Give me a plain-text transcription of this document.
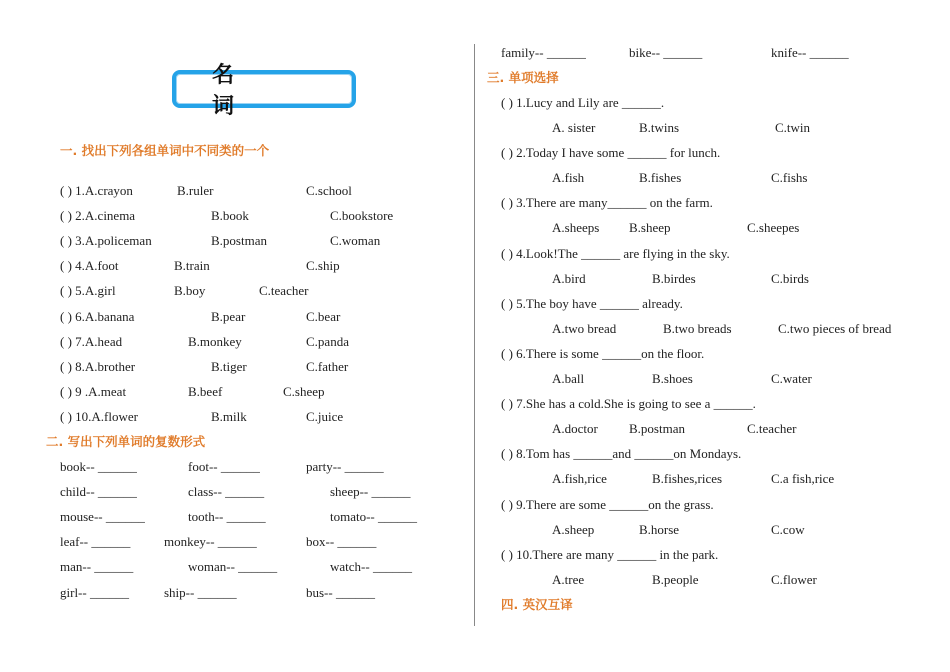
名 词
一. 找出下列各组单词中不同类的一个
( ) 1.A.crayon	B.ruler	C.school
( ) 2.A.cinema	B.book	C.bookstore
( ) 3.A.policeman	B.postman	C.woman
( ) 4.A.foot	B.train	C.ship
( ) 5.A.girl	B.boy	C.teacher
( ) 6.A.banana	B.pear	C.bear
( ) 7.A.head	B.monkey	C.panda
( ) 8.A.brother	B.tiger	C.father
( ) 9 .A.meat	B.beef	C.sheep
( ) 10.A.flower	B.milk	C.juice
二. 写出下列单词的复数形式
book-- ______	foot-- ______	party-- ______
child-- ______	class-- ______	sheep-- ______
mouse-- ______	tooth-- ______	tomato-- ______
leaf-- ______	monkey-- ______	box-- ______
man-- ______	woman-- ______	watch-- ______
girl-- ______	ship-- ______	bus-- ______
family-- ______	bike-- ______	knife-- ______
三. 单项选择
( ) 1.Lucy and Lily are ______.
A. sister	B.twins	C.twin
( ) 2.Today I have some ______ for lunch.
A.fish	B.fishes	C.fishs
( ) 3.There are many______ on the farm.
A.sheeps B.sheep	C.sheepes
( ) 4.Look!The ______ are flying in the sky.
A.bird	B.birdes	C.birds
( ) 5.The boy have ______ already.
A.two bread	B.two breads	C.two pieces of bread
( ) 6.There is some ______on the floor.
A.ball	B.shoes	C.water
( ) 7.She has a cold.She is going to see a ______.
A.doctor B.postman	C.teacher
( ) 8.Tom has ______and ______on Mondays.
A.fish,rice	B.fishes,rices	C.a fish,rice
( ) 9.There are some ______on the grass.
A.sheep	B.horse	C.cow
( ) 10.There are many ______ in the park.
A.tree	B.people	C.flower
四. 英汉互译
